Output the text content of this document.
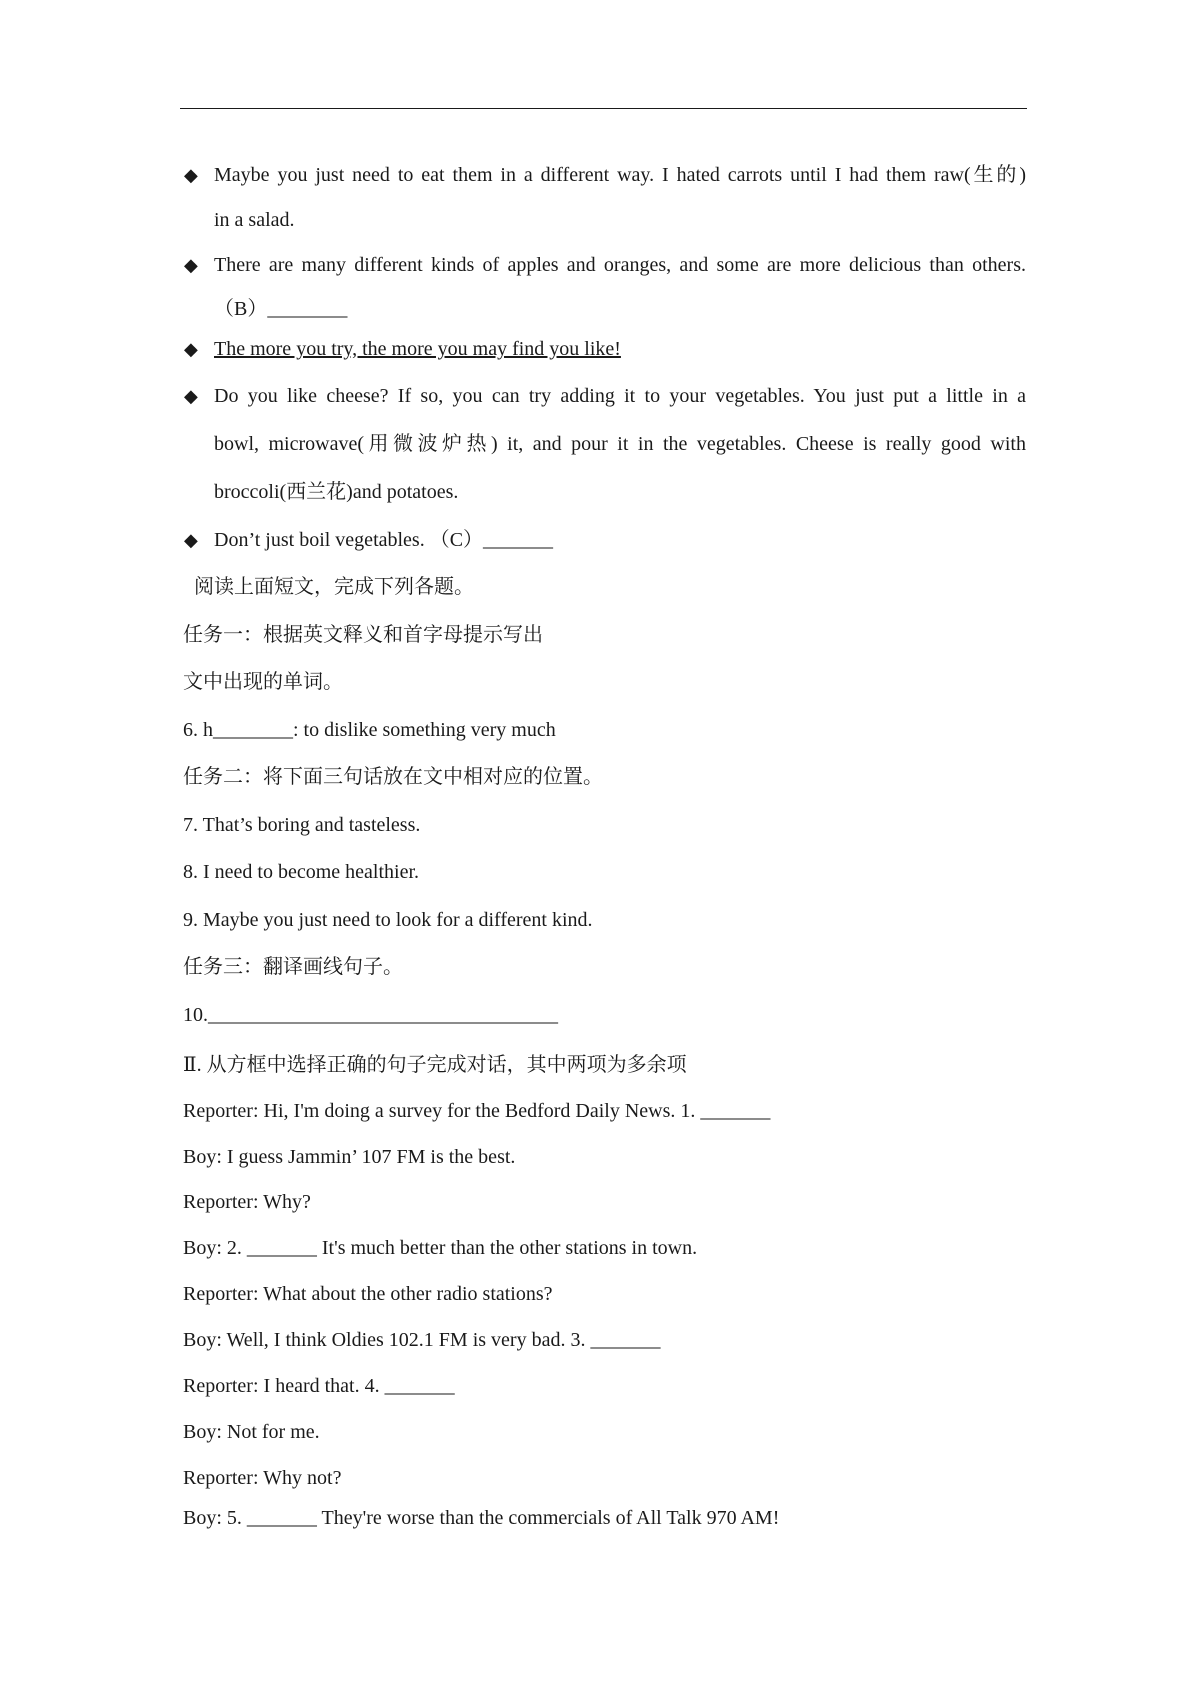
◆ Maybe you just need to eat them in a different way. I hated carrots until I had them raw(生的)
in a salad.
◆ There are many different kinds of apples and oranges, and some are more delicious than others.
（B）________
◆ The more you try, the more you may find you like!
◆ Do you like cheese? If so, you can try adding it to your vegetables. You just put a little in a
bowl, microwave(用微波炉热) it, and pour it in the vegetables. Cheese is really good with
broccoli(西兰花)and potatoes.
◆ Don’t just boil vegetables. （C）_______
阅读上面短文，完成下列各题。
任务一：根据英文释义和首字母提示写出
文中出现的单词。
6. h________: to dislike something very much
任务二：将下面三句话放在文中相对应的位置。
7. That’s boring and tasteless.
8. I need to become healthier.
9. Maybe you just need to look for a different kind.
任务三：翻译画线句子。
10.___________________________________
Ⅱ. 从方框中选择正确的句子完成对话，其中两项为多余项
Reporter: Hi, I'm doing a survey for the Bedford Daily News. 1. _______
Boy: I guess Jammin’ 107 FM is the best.
Reporter: Why?
Boy: 2. _______ It's much better than the other stations in town.
Reporter: What about the other radio stations?
Boy: Well, I think Oldies 102.1 FM is very bad. 3. _______
Reporter: I heard that. 4. _______
Boy: Not for me.
Reporter: Why not?
Boy: 5. _______ They're worse than the commercials of All Talk 970 AM!
